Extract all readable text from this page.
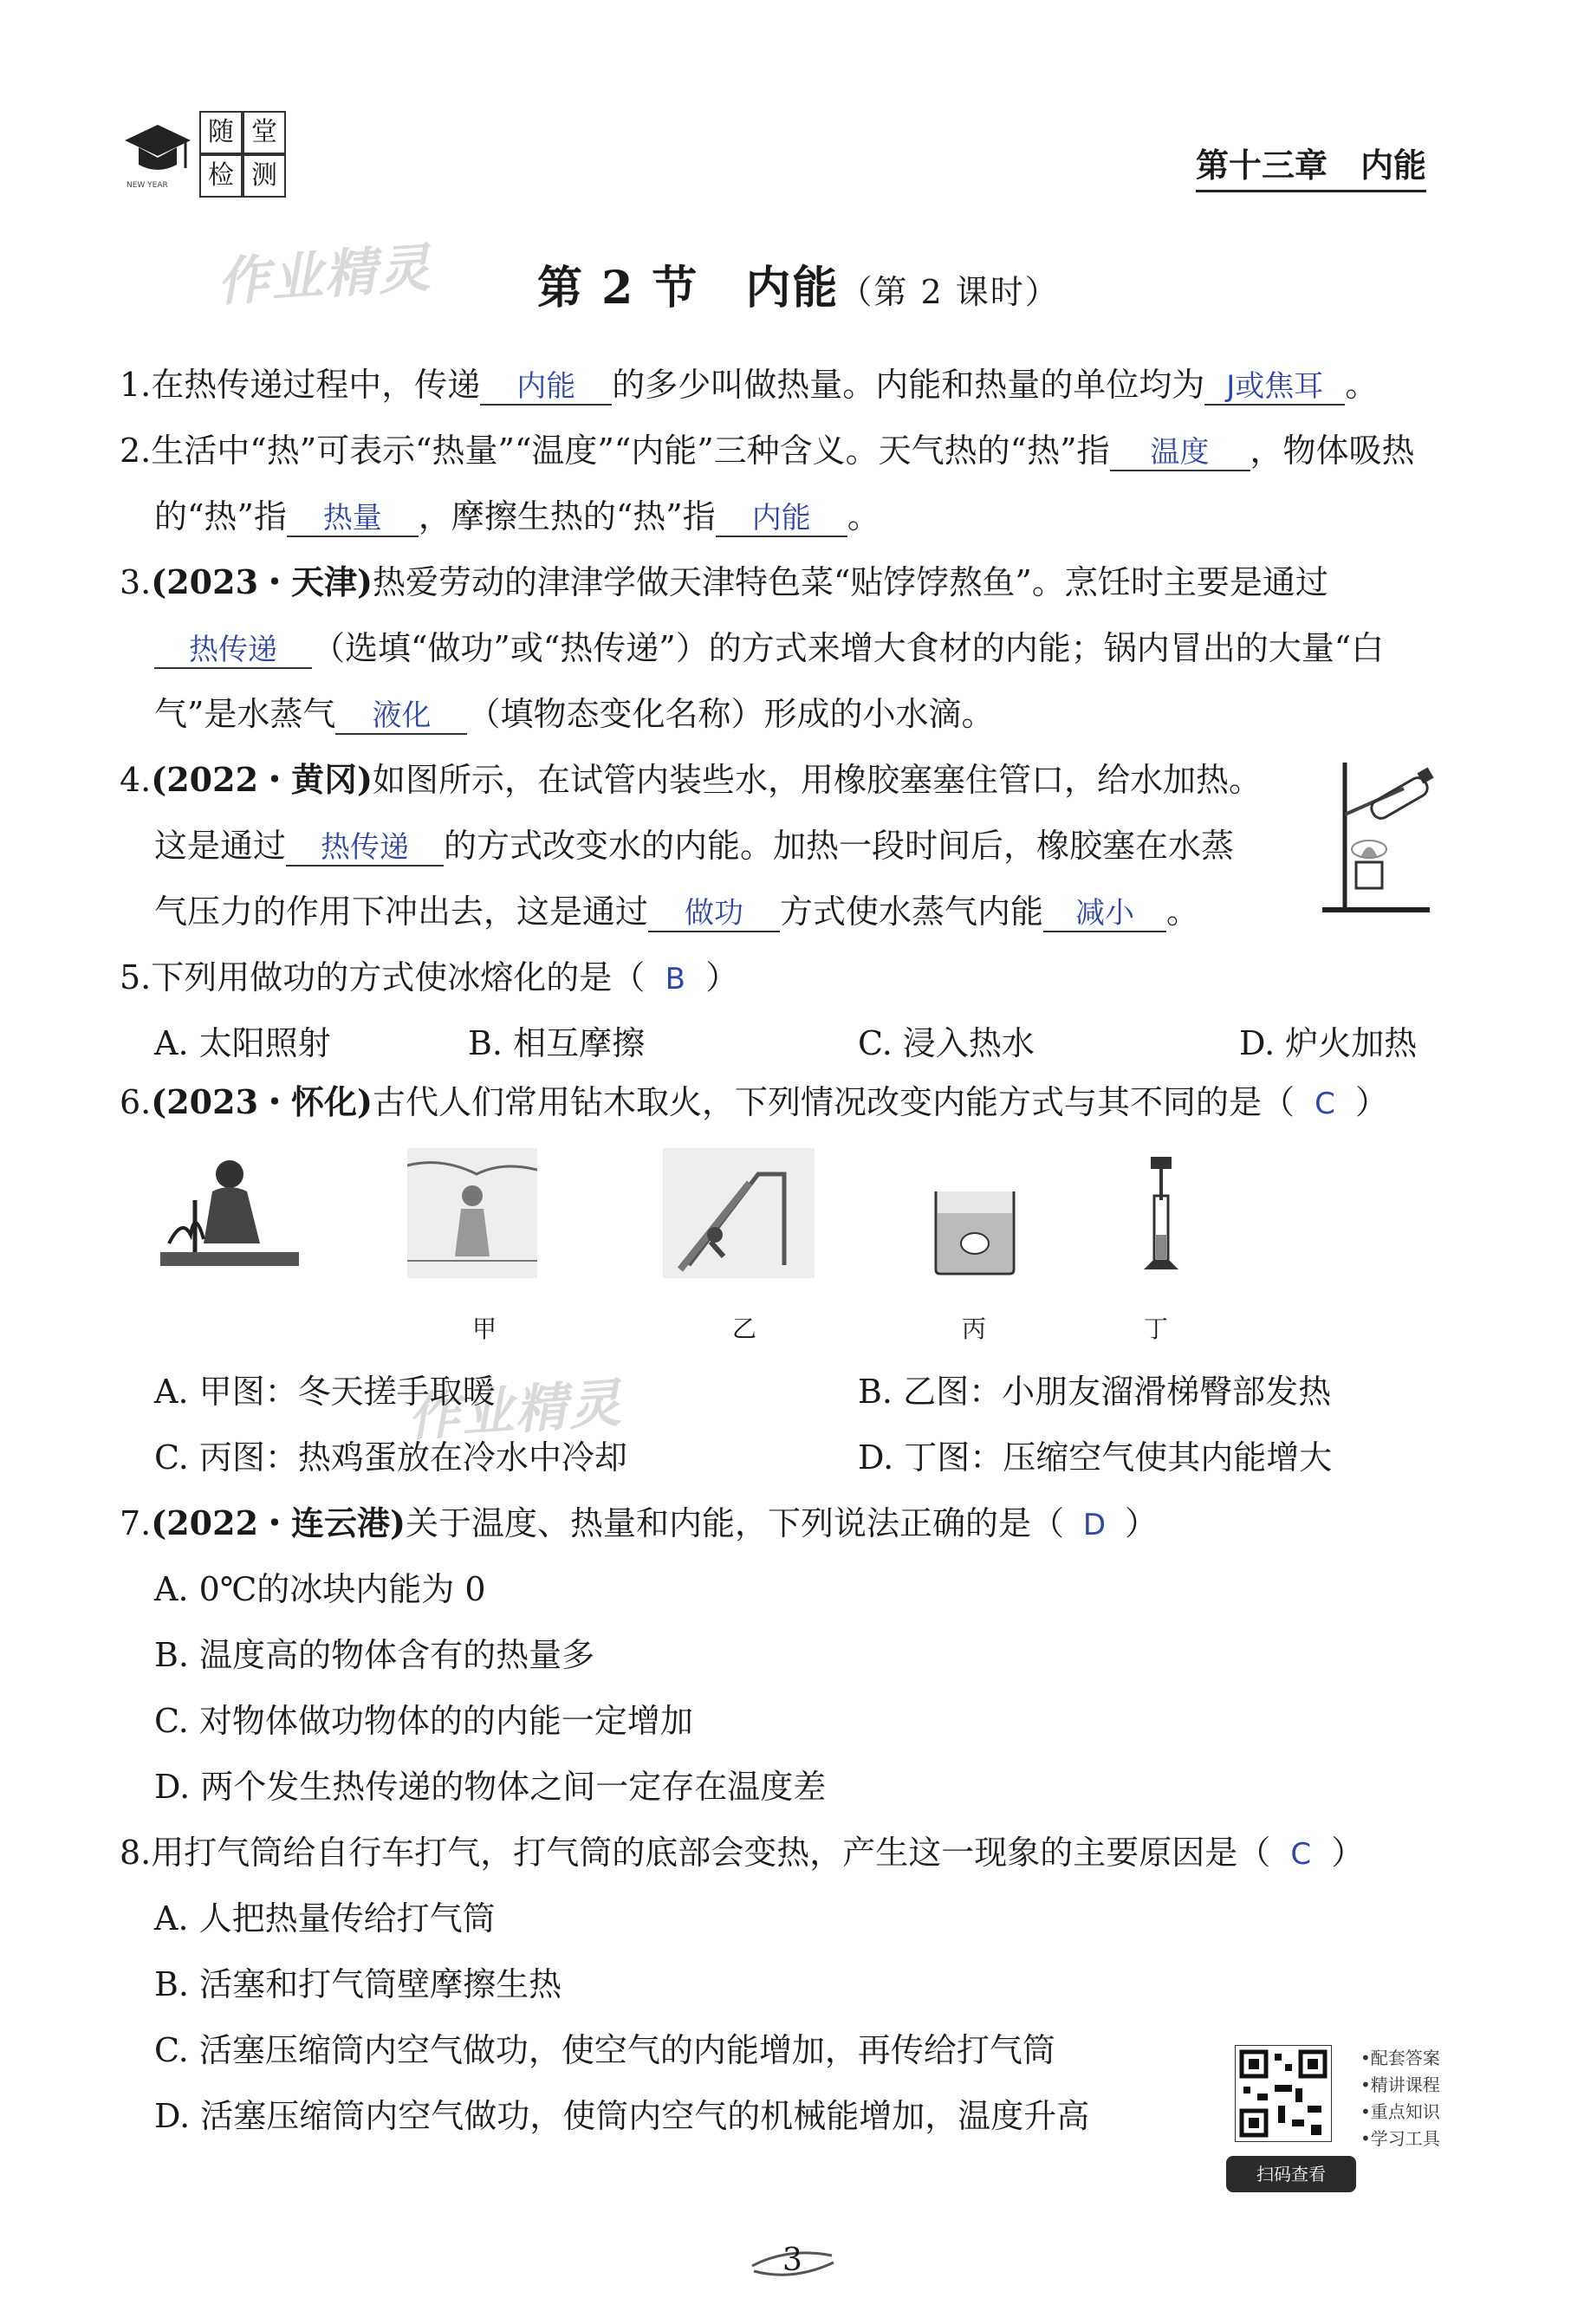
NEW YEAR
随 堂
检 测	第十三章　内能
作业精灵
作业精灵
第 2 节　内能（第 2 课时）
1.在热传递过程中，传递 内能 的多少叫做热量。内能和热量的单位均为 J或焦耳 。
2.生活中“热”可表示“热量”“温度”“内能”三种含义。天气热的“热”指 温度 ，物体吸热
的“热”指 热量 ，摩擦生热的“热”指 内能 。
3.(2023・天津)热爱劳动的津津学做天津特色菜“贴饽饽熬鱼”。烹饪时主要是通过
热传递 （选填“做功”或“热传递”）的方式来增大食材的内能；锅内冒出的大量“白
气”是水蒸气 液化 （填物态变化名称）形成的小水滴。
4.(2022・黄冈)如图所示，在试管内装些水，用橡胶塞塞住管口，给水加热。
这是通过 热传递 的方式改变水的内能。加热一段时间后，橡胶塞在水蒸
气压力的作用下冲出去，这是通过 做功 方式使水蒸气内能 减小 。
5.下列用做功的方式使冰熔化的是（ B ）
A. 太阳照射	B. 相互摩擦	C. 浸入热水	D. 炉火加热
6.(2023・怀化)古代人们常用钻木取火，下列情况改变内能方式与其不同的是（ C ）
甲	乙	丙	丁
A. 甲图：冬天搓手取暖	B. 乙图：小朋友溜滑梯臀部发热
C. 丙图：热鸡蛋放在冷水中冷却	D. 丁图：压缩空气使其内能增大
7.(2022・连云港)关于温度、热量和内能，下列说法正确的是（ D ）
A. 0℃的冰块内能为 0
B. 温度高的物体含有的热量多
C. 对物体做功物体的的内能一定增加
D. 两个发生热传递的物体之间一定存在温度差
8.用打气筒给自行车打气，打气筒的底部会变热，产生这一现象的主要原因是（ C ）
A. 人把热量传给打气筒
B. 活塞和打气筒壁摩擦生热
C. 活塞压缩筒内空气做功，使空气的内能增加，再传给打气筒
D. 活塞压缩筒内空气做功，使筒内空气的机械能增加，温度升高
•配套答案
•精讲课程
•重点知识
•学习工具
扫码查看
3
